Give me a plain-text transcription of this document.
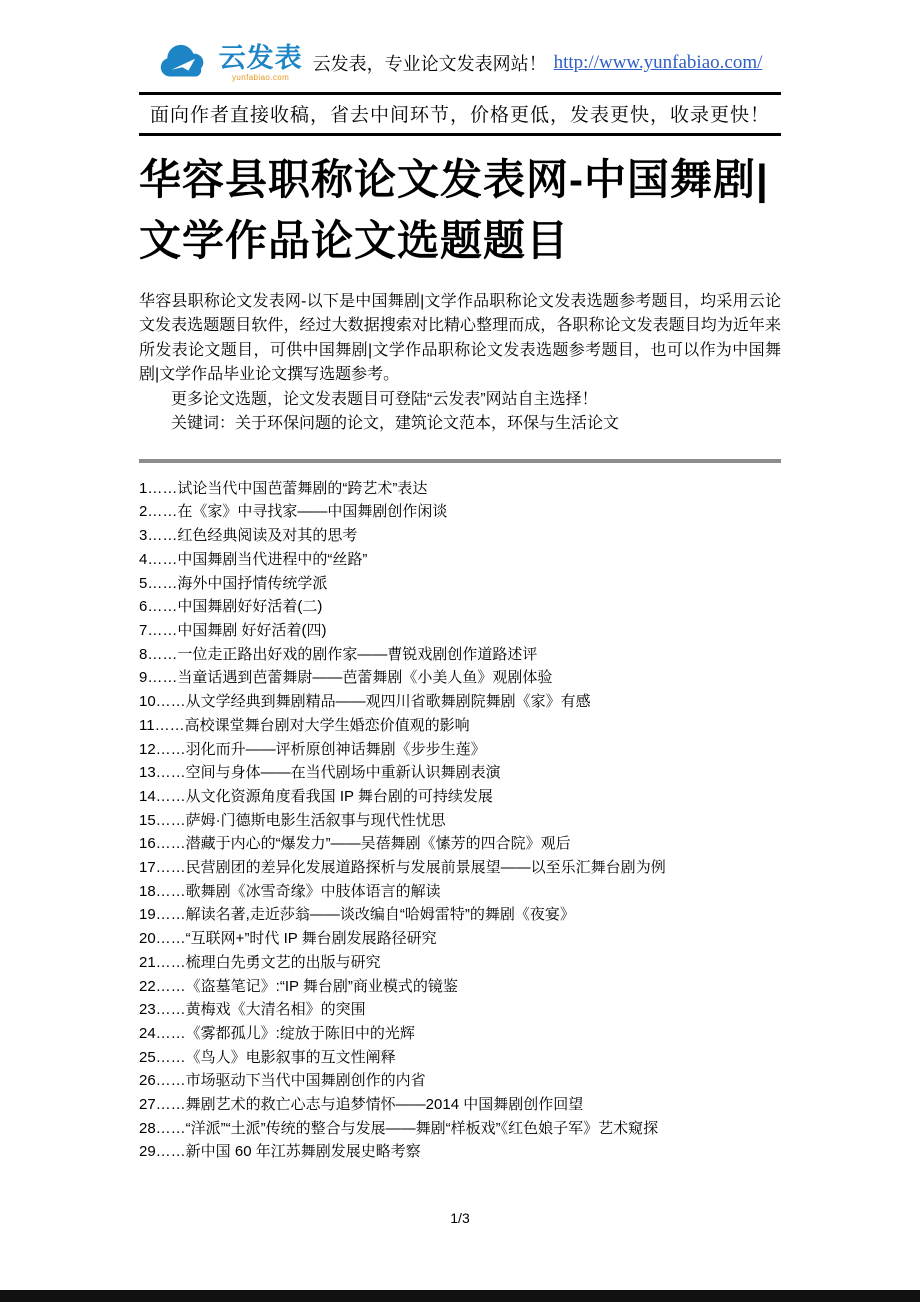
云发表
yunfabiao.com
云发表，专业论文发表网站！ http://www.yunfabiao.com/
面向作者直接收稿，省去中间环节，价格更低，发表更快，收录更快！
华容县职称论文发表网-中国舞剧|文学作品论文选题题目

华容县职称论文发表网-以下是中国舞剧|文学作品职称论文发表选题参考题目，均采用云论文发表选题题目软件，经过大数据搜索对比精心整理而成，各职称论文发表题目均为近年来所发表论文题目，可供中国舞剧|文学作品职称论文发表选题参考题目，也可以作为中国舞剧|文学作品毕业论文撰写选题参考。

更多论文选题，论文发表题目可登陆“云发表”网站自主选择！

关键词：关于环保问题的论文，建筑论文范本，环保与生活论文

1……试论当代中国芭蕾舞剧的“跨艺术”表达
2……在《家》中寻找家——中国舞剧创作闲谈
3……红色经典阅读及对其的思考
4……中国舞剧当代进程中的“丝路”
5……海外中国抒情传统学派
6……中国舞剧好好活着(二)
7……中国舞剧 好好活着(四)
8……一位走正路出好戏的剧作家——曹锐戏剧创作道路述评
9……当童话遇到芭蕾舞尉——芭蕾舞剧《小美人鱼》观剧体验
10……从文学经典到舞剧精品——观四川省歌舞剧院舞剧《家》有感
11……高校课堂舞台剧对大学生婚恋价值观的影响
12……羽化而升——评析原创神话舞剧《步步生莲》
13……空间与身体——在当代剧场中重新认识舞剧表演
14……从文化资源角度看我国 IP 舞台剧的可持续发展
15……萨姆·门德斯电影生活叙事与现代性忧思
16……潜藏于内心的“爆发力”——吴蓓舞剧《愫芳的四合院》观后
17……民营剧团的差异化发展道路探析与发展前景展望——以至乐汇舞台剧为例
18……歌舞剧《冰雪奇缘》中肢体语言的解读
19……解读名著,走近莎翁——谈改编自“哈姆雷特”的舞剧《夜宴》
20……“互联网+”时代 IP 舞台剧发展路径研究
21……梳理白先勇文艺的出版与研究
22……《盗墓笔记》:“IP 舞台剧”商业模式的镜鉴
23……黄梅戏《大清名相》的突围
24……《雾都孤儿》:绽放于陈旧中的光辉
25……《鸟人》电影叙事的互文性阐释
26……市场驱动下当代中国舞剧创作的内省
27……舞剧艺术的救亡心志与追梦情怀——2014 中国舞剧创作回望
28……“洋派”“土派”传统的整合与发展——舞剧“样板戏”《红色娘子军》艺术窥探
29……新中国 60 年江苏舞剧发展史略考察
1/3
